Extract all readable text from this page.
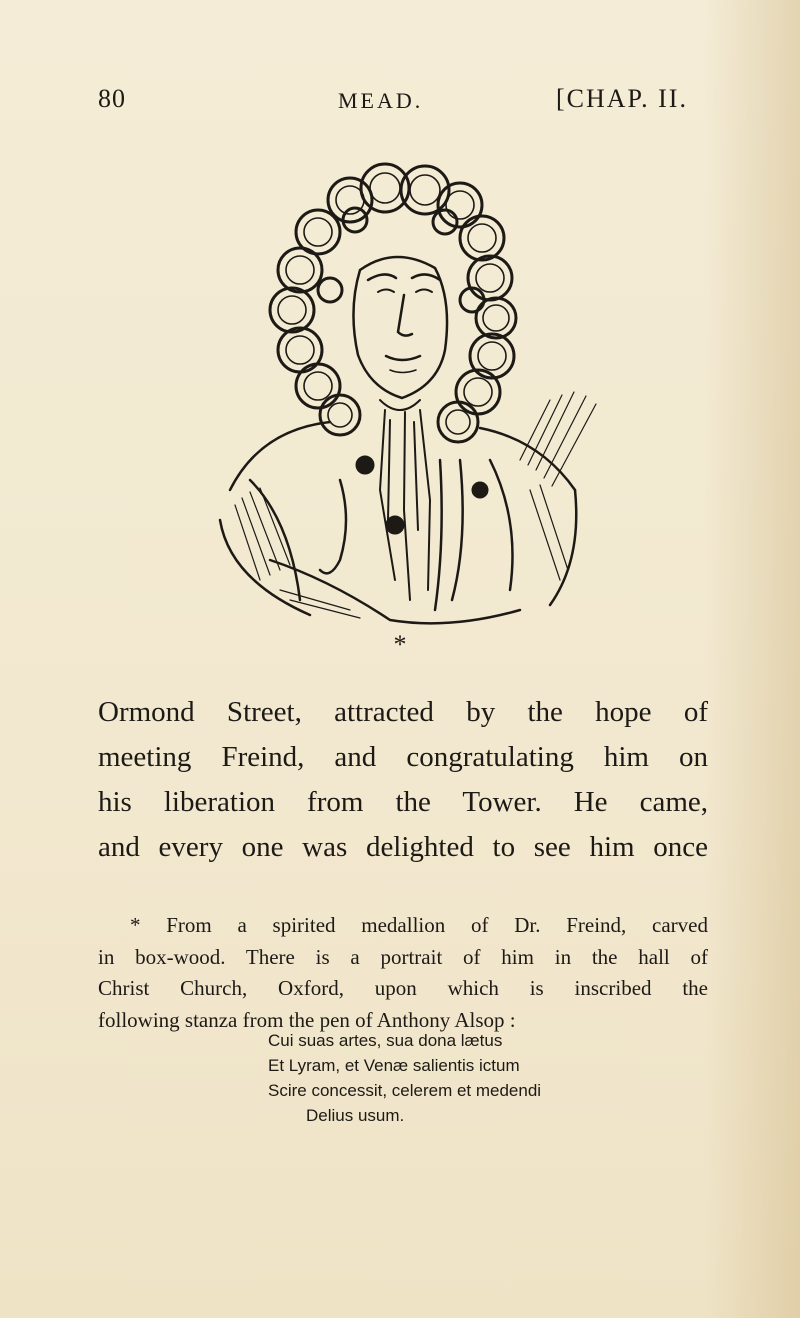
80	MEAD.	[CHAP. II.
*
Ormond Street, attracted by the hope of
meeting Freind, and congratulating him on
his liberation from the Tower. He came,
and every one was delighted to see him once
* From a spirited medallion of Dr. Freind, carved
in box-wood. There is a portrait of him in the hall of
Christ Church, Oxford, upon which is inscribed the
following stanza from the pen of Anthony Alsop :
Cui suas artes, sua dona lætus
Et Lyram, et Venæ salientis ictum
Scire concessit, celerem et medendi
Delius usum.
